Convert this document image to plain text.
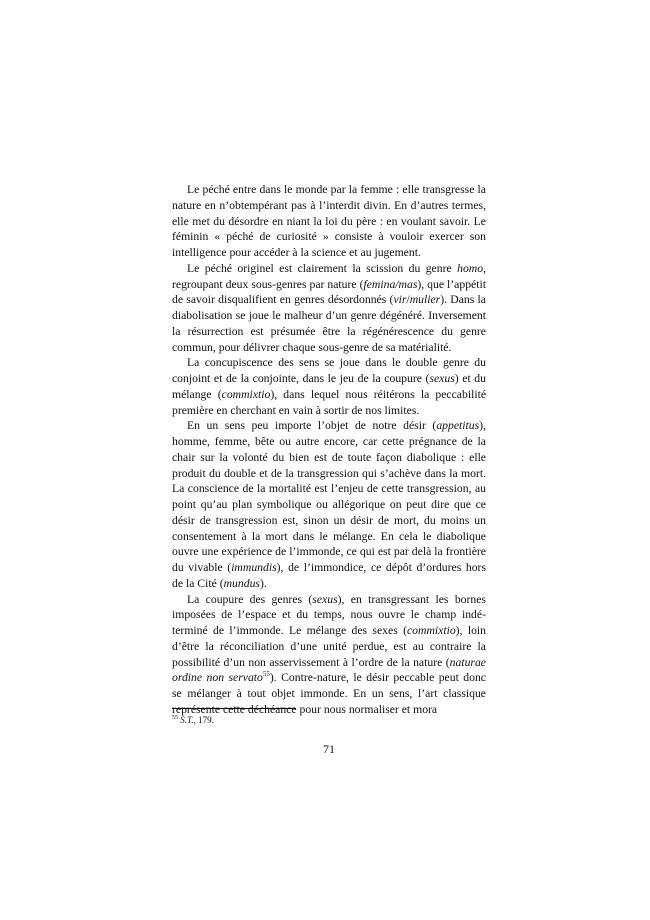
Le péché entre dans le monde par la femme : elle transgresse la nature en n’obtempérant pas à l’interdit divin. En d’autres termes, elle met du désordre en niant la loi du père : en voulant savoir. Le féminin « péché de curiosité » consiste à vouloir exercer son intelligence pour accéder à la science et au jugement.

Le péché originel est clairement la scission du genre homo, regroupant deux sous-genres par nature (femina/mas), que l’appétit de savoir disqualifient en genres désordonnés (vir/mulier). Dans la diabolisation se joue le malheur d’un genre dégénéré. Inversement la résurrection est présumée être la régénérescence du genre commun, pour délivrer chaque sous-genre de sa matérialité.

La concupiscence des sens se joue dans le double genre du conjoint et de la conjointe, dans le jeu de la coupure (sexus) et du mélange (commixtio), dans lequel nous réitérons la peccabilité première en cherchant en vain à sortir de nos limites.

En un sens peu importe l’objet de notre désir (appetitus), homme, femme, bête ou autre encore, car cette prégnance de la chair sur la volonté du bien est de toute façon diabolique : elle produit du double et de la transgression qui s’achève dans la mort. La conscience de la mortalité est l’enjeu de cette transgression, au point qu’au plan symbolique ou allégorique on peut dire que ce désir de transgression est, sinon un désir de mort, du moins un consentement à la mort dans le mélange. En cela le diabolique ouvre une expérience de l’immonde, ce qui est par delà la frontière du vivable (immundis), de l’immondice, ce dépôt d’ordures hors de la Cité (mundus).

La coupure des genres (sexus), en transgressant les bornes imposées de l’espace et du temps, nous ouvre le champ indéterminé de l’immonde. Le mélange des sexes (commixtio), loin d’être la réconciliation d’une unité perdue, est au contraire la possibilité d’un non asservissement à l’ordre de la nature (naturae ordine non servato$^{55}$). Contre-nature, le désir peccable peut donc se mélanger à tout objet immonde. En un sens, l’art classique représente cette déchéance pour nous normaliser et mora

$^{55}$ S.T., 179.
71
